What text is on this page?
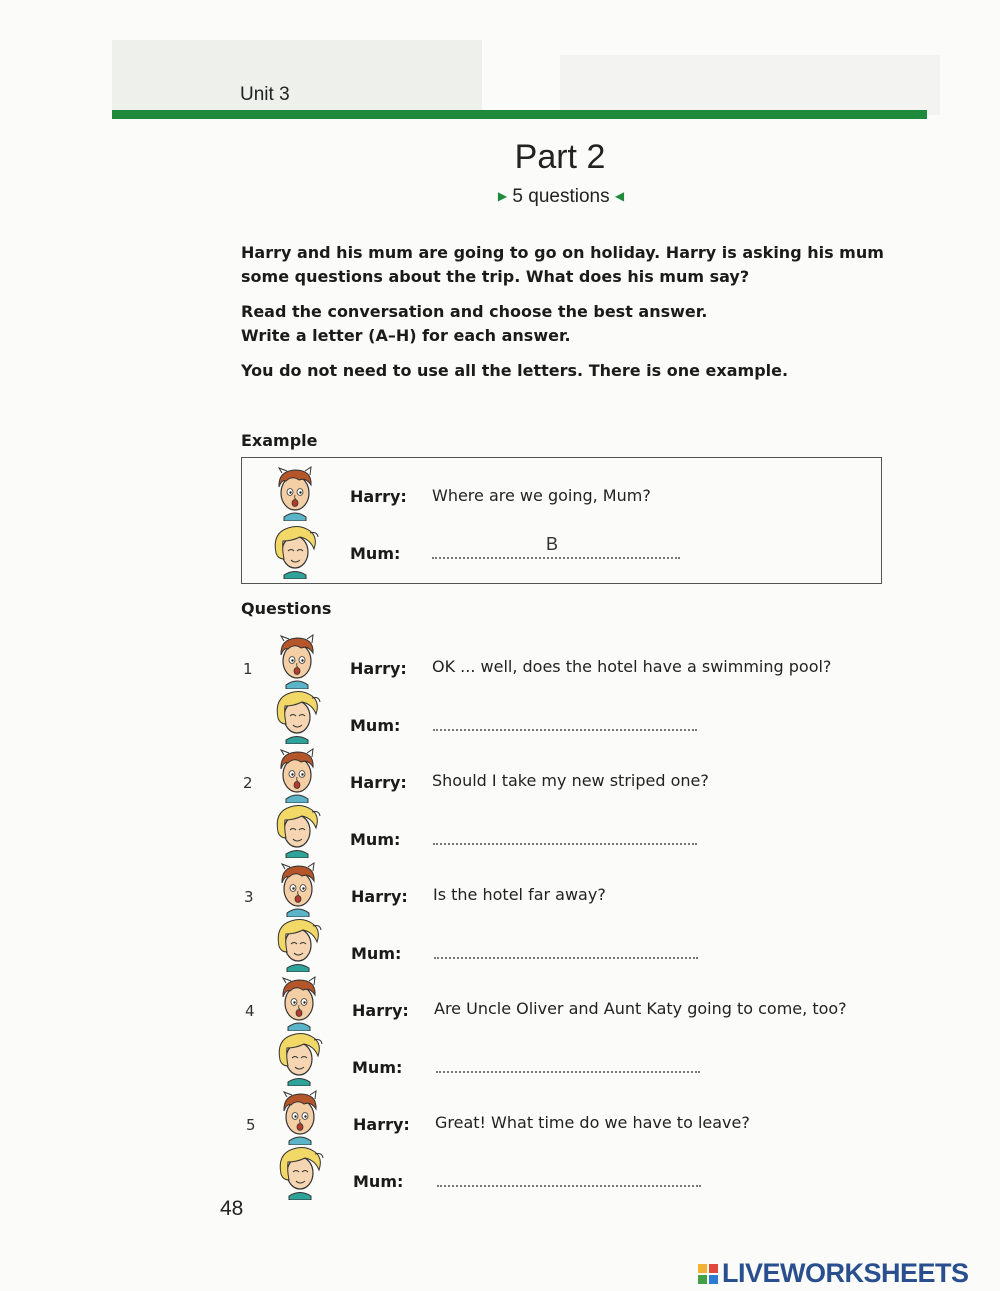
Unit 3
Part 2
▶ 5 questions ◀

Harry and his mum are going to go on holiday. Harry is asking his mum some questions about the trip. What does his mum say?

Read the conversation and choose the best answer.

Write a letter (A–H) for each answer.

You do not need to use all the letters. There is one example.

Example
Harry: Where are we going, Mum?
Mum:	B
Questions
1	Harry: OK ... well, does the hotel have a swimming pool?
Mum:
2	Harry: Should I take my new striped one?
Mum:
3	Harry: Is the hotel far away?
Mum:
4	Harry: Are Uncle Oliver and Aunt Katy going to come, too?
Mum:
5	Harry: Great! What time do we have to leave?
Mum:
48
LIVEWORKSHEETS
